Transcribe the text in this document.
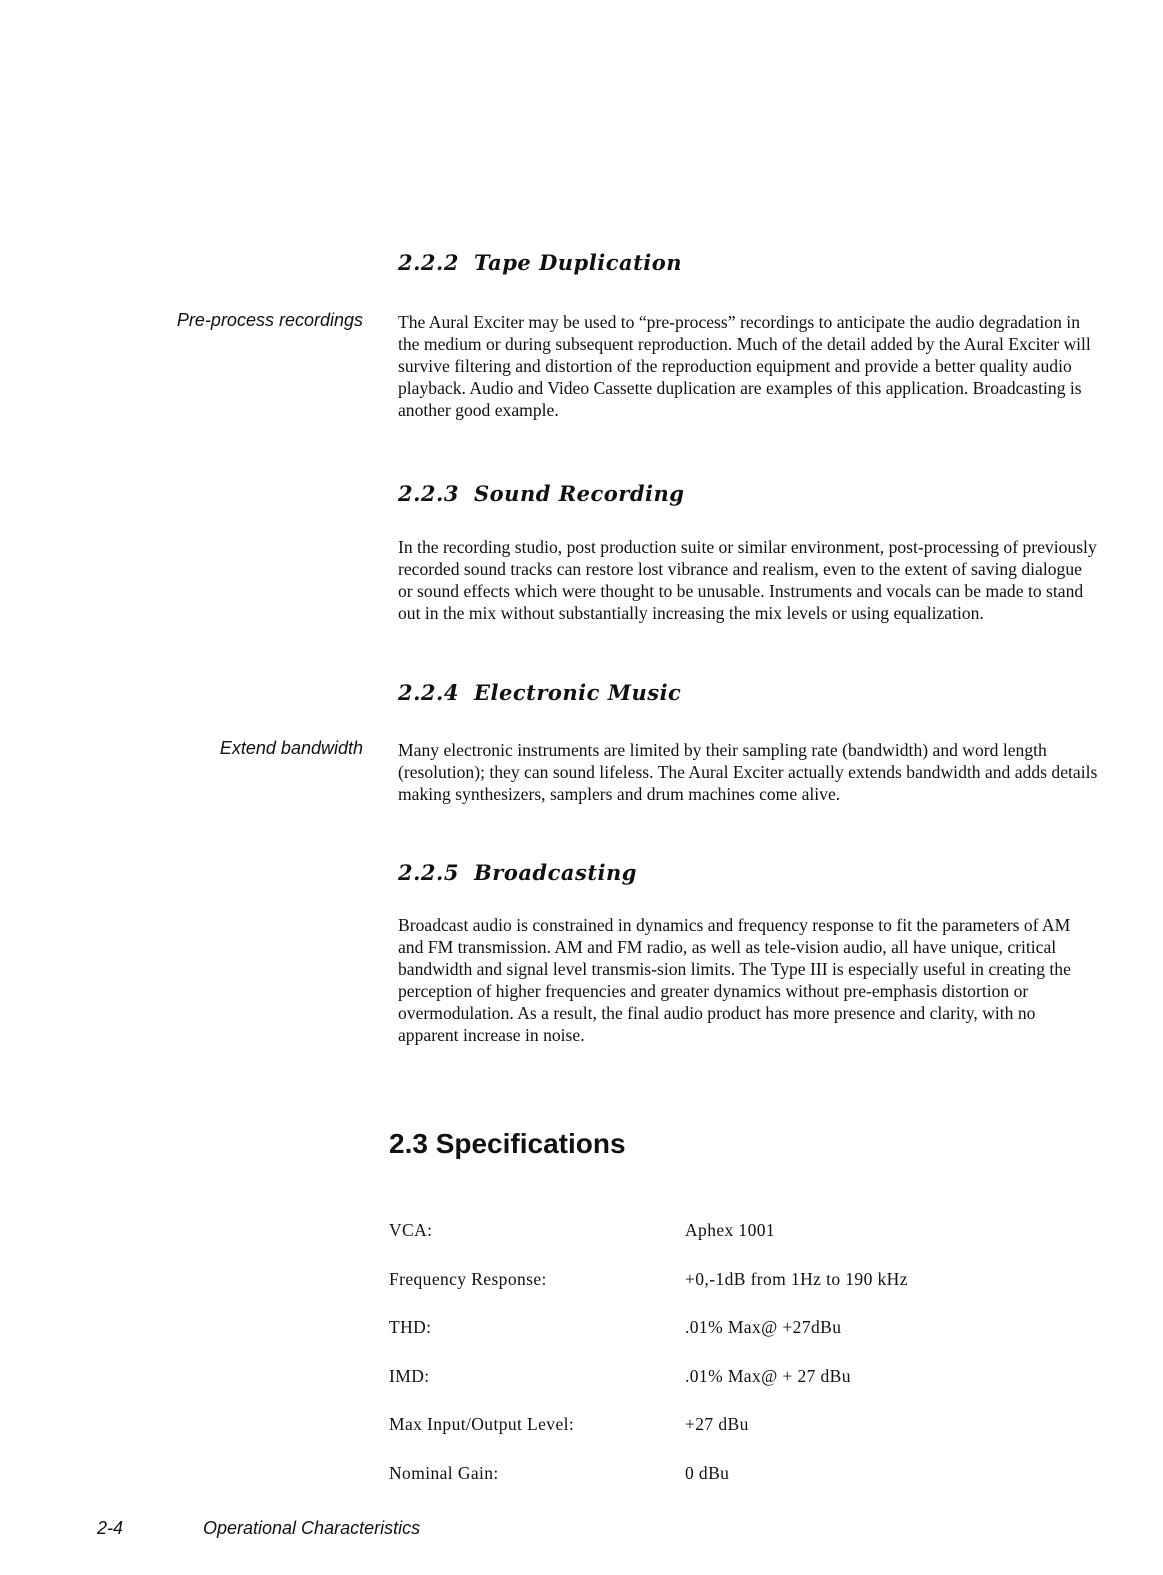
2.2.2 Tape Duplication
Pre-process recordings The Aural Exciter may be used to “pre-process” recordings to anticipate the audio degradation in the medium or during subsequent reproduction. Much of the detail added by the Aural Exciter will survive filtering and distortion of the reproduction equipment and provide a better quality audio playback. Audio and Video Cassette duplication are examples of this application. Broadcasting is another good example.

2.2.3 Sound Recording

In the recording studio, post production suite or similar environment, post-processing of previously recorded sound tracks can restore lost vibrance and realism, even to the extent of saving dialogue or sound effects which were thought to be unusable. Instruments and vocals can be made to stand out in the mix without substantially increasing the mix levels or using equalization.

2.2.4 Electronic Music
Extend bandwidth Many electronic instruments are limited by their sampling rate (bandwidth) and word length (resolution); they can sound lifeless. The Aural Exciter actually extends bandwidth and adds details making synthesizers, samplers and drum machines come alive.

2.2.5 Broadcasting

Broadcast audio is constrained in dynamics and frequency response to fit the parameters of AM and FM transmission. AM and FM radio, as well as tele-vision audio, all have unique, critical bandwidth and signal level transmis-sion limits. The Type III is especially useful in creating the perception of higher frequencies and greater dynamics without pre-emphasis distortion or overmodulation. As a result, the final audio product has more presence and clarity, with no apparent increase in noise.

2.3 Specifications
VCA:	Aphex 1001
Frequency Response:	+0,-1dB from 1Hz to 190 kHz
THD:	.01% Max@ +27dBu
IMD:	.01% Max@ + 27 dBu
Max Input/Output Level:	+27 dBu
Nominal Gain:	0 dBu
2-4	Operational Characteristics
